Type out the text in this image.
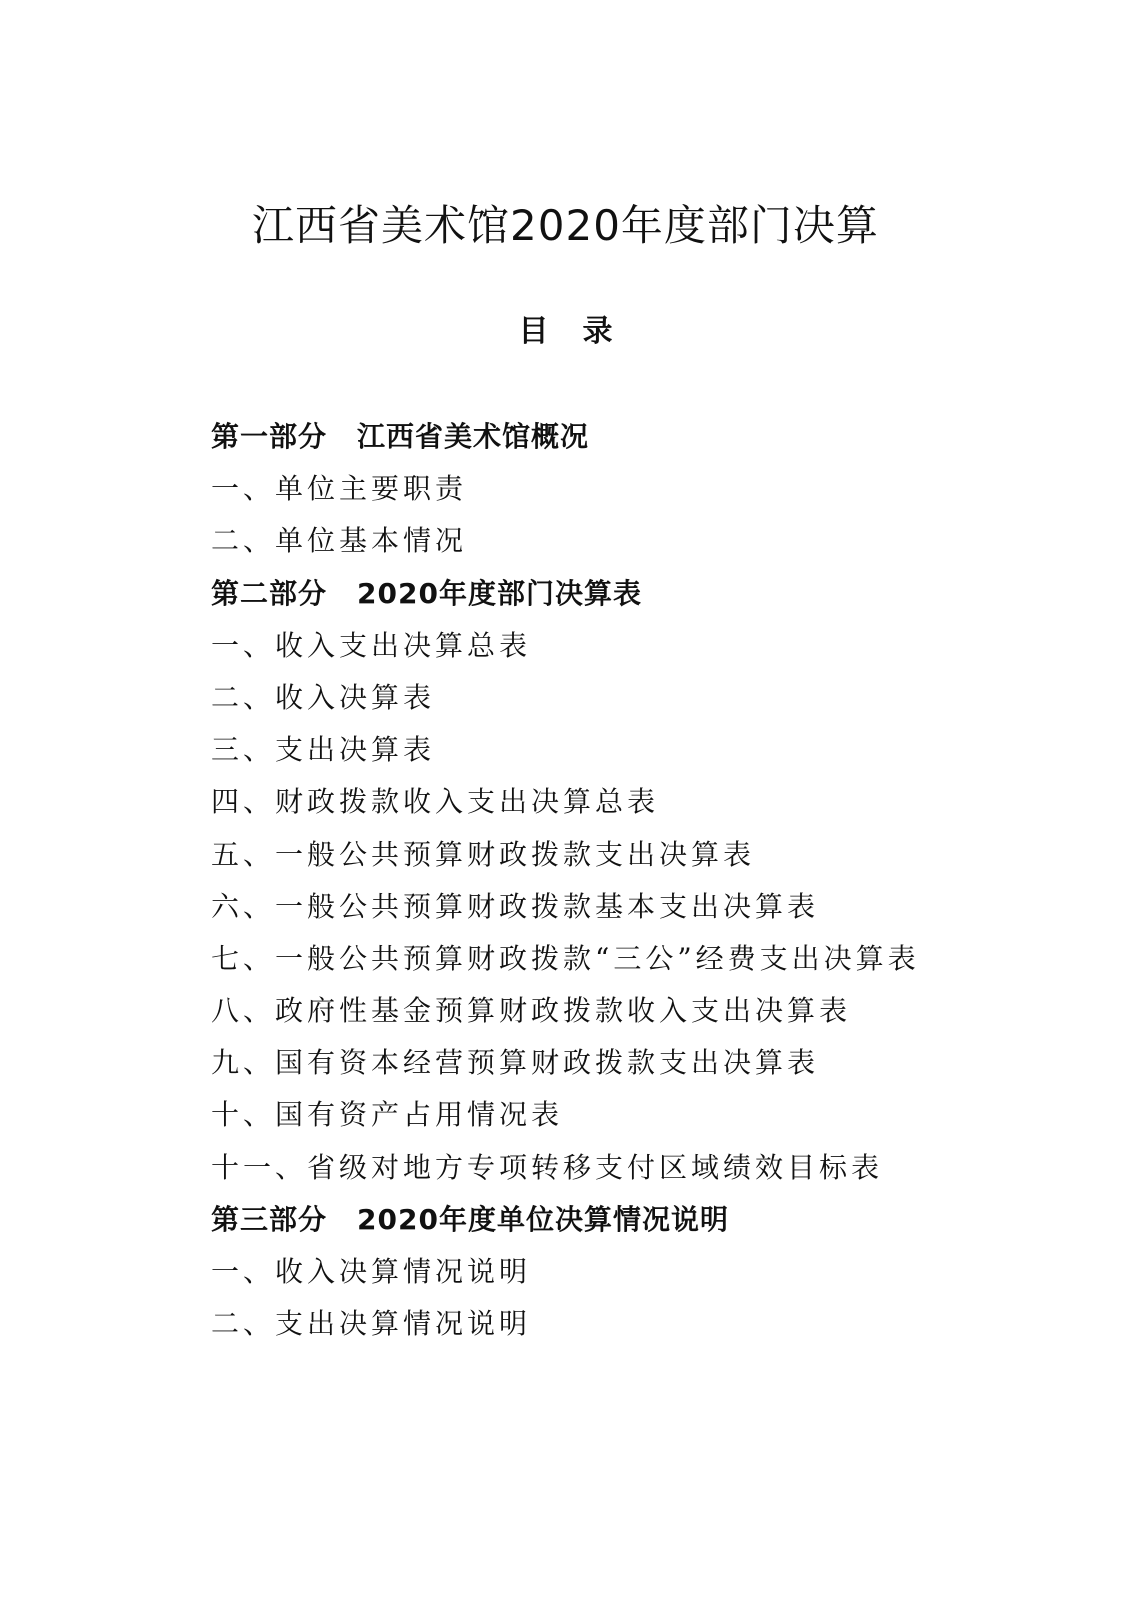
江西省美术馆2020年度部门决算
目录
第一部分 江西省美术馆概况
一、单位主要职责
二、单位基本情况
第二部分 2020年度部门决算表
一、收入支出决算总表
二、收入决算表
三、支出决算表
四、财政拨款收入支出决算总表
五、一般公共预算财政拨款支出决算表
六、一般公共预算财政拨款基本支出决算表
七、一般公共预算财政拨款“三公”经费支出决算表
八、政府性基金预算财政拨款收入支出决算表
九、国有资本经营预算财政拨款支出决算表
十、国有资产占用情况表
十一、省级对地方专项转移支付区域绩效目标表
第三部分 2020年度单位决算情况说明
一、收入决算情况说明
二、支出决算情况说明
